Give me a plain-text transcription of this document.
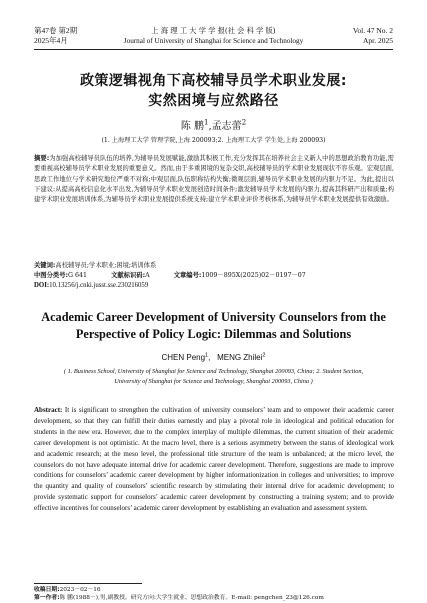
第47卷 第2期
2025年4月
上 海 理 工 大 学 学 报(社 会 科 学 版)
Journal of University of Shanghai for Science and Technology
Vol. 47 No. 2
Apr. 2025
政策逻辑视角下高校辅导员学术职业发展:
实然困境与应然路径
陈 鹏$^1$,孟志蕾$^2$
(1. 上海理工大学 管理学院,上海 200093;2. 上海理工大学 学生处,上海 200093)
摘要:为加强高校辅导员队伍的培养,为辅导员发展赋能,激励其积极工作,充分发挥其在培养社会主义新人中的思想政治教育功能,需要重视高校辅导员学术职业发展的重要意义。然而,由于多重困境的复杂交织,高校辅导员的学术职业发展现状不容乐观。宏观层面,思政工作地位与学术研究地位严重不对称;中观层面,队伍职称结构失衡;微观层面,辅导员学术职业发展的内驱力不足。为此,提出以下建议:从提高高校信息化水平出发,为辅导员学术职业发展创造时间条件;激发辅导员学术发展的内驱力,提高其科研产出和质量;构建学术职业发展培训体系,为辅导员学术职业发展提供系统支持;建立学术职业评价考核体系,为辅导员学术职业发展提供有效激励。
关键词:高校辅导员;学术职业;困境;培训体系
中图分类号:G 641	文献标识码:A	文章编号:1009－895X(2025)02－0197－07
DOI:10.13256/j.cnki.jusst.sse.230216059
Academic Career Development of University Counselors from the
Perspective of Policy Logic: Dilemmas and Solutions
CHEN Peng$^1$,   MENG Zhilei$^2$
( 1. Business School, University of Shanghai for Science and Technology, Shanghai 200093, China; 2. Student Section,
University of Shanghai for Science and Technology, Shanghai 200093, China )
Abstract: It is significant to strengthen the cultivation of university counselors’ team and to empower their academic career development, so that they can fulfill their duties earnestly and play a pivotal role in ideological and political education for students in the new era. However, due to the complex interplay of multiple dilemmas, the current situation of their academic career development is not optimistic. At the macro level, there is a serious asymmetry between the status of ideological work and academic research; at the meso level, the professional title structure of the team is unbalanced; at the micro level, the counselors do not have adequate internal drive for academic career development. Therefore, suggestions are made to improve conditions for counselors’ academic career development by higher informationization in colleges and universities; to improve the quantity and quality of counselors’ scientific research by stimulating their internal drive for academic development; to provide systematic support for counselors’ academic career development by constructing a training system; and to provide effective incentives for counselors’ academic career development by establishing an evaluation and assessment system.
收稿日期:2023－02－16
第一作者:陈 鹏(1988－),男,副教授。研究方向:大学生就业、思想政治教育。E-mail: pengchen_23@126.com
